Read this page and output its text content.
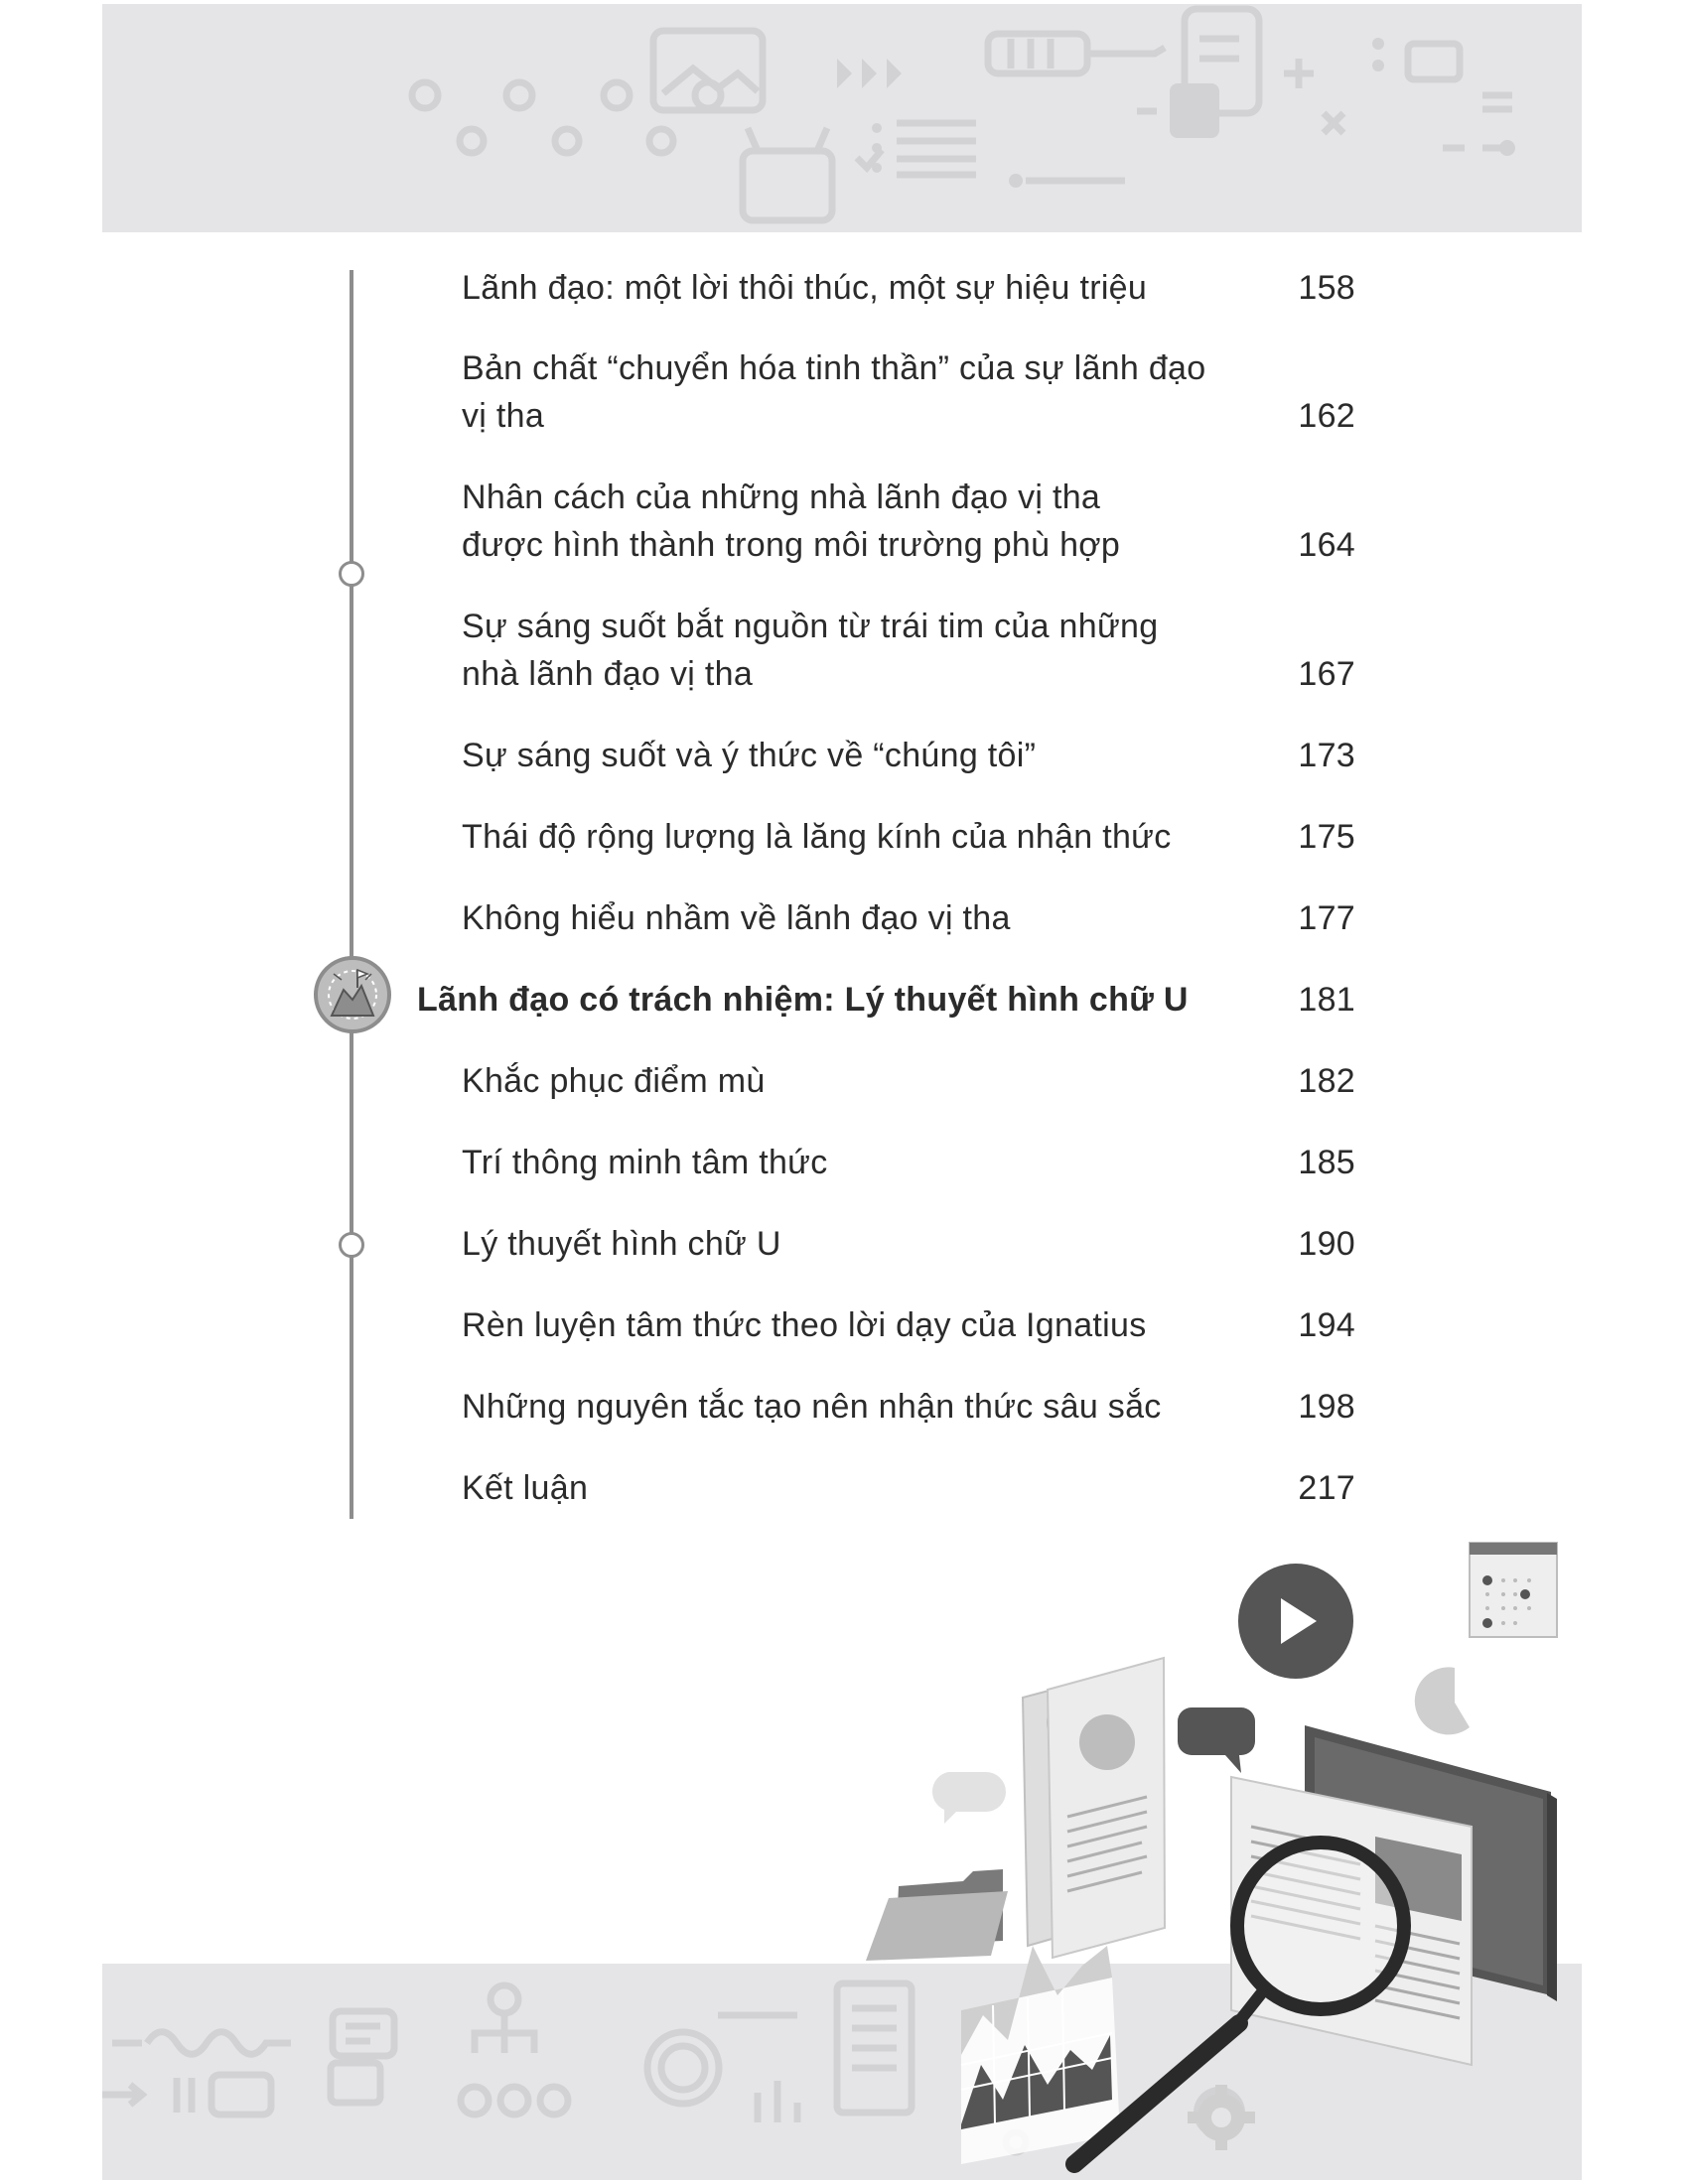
Lãnh đạo: một lời thôi thúc, một sự hiệu triệu	158
Bản chất “chuyển hóa tinh thần” của sự lãnh đạo vị tha	162
Nhân cách của những nhà lãnh đạo vị tha được hình thành trong môi trường phù hợp	164
Sự sáng suốt bắt nguồn từ trái tim của những nhà lãnh đạo vị tha	167
Sự sáng suốt và ý thức về “chúng tôi”	173
Thái độ rộng lượng là lăng kính của nhận thức	175
Không hiểu nhầm về lãnh đạo vị tha	177
Lãnh đạo có trách nhiệm: Lý thuyết hình chữ U	181
Khắc phục điểm mù	182
Trí thông minh tâm thức	185
Lý thuyết hình chữ U	190
Rèn luyện tâm thức theo lời dạy của Ignatius	194
Những nguyên tắc tạo nên nhận thức sâu sắc	198
Kết luận	217
